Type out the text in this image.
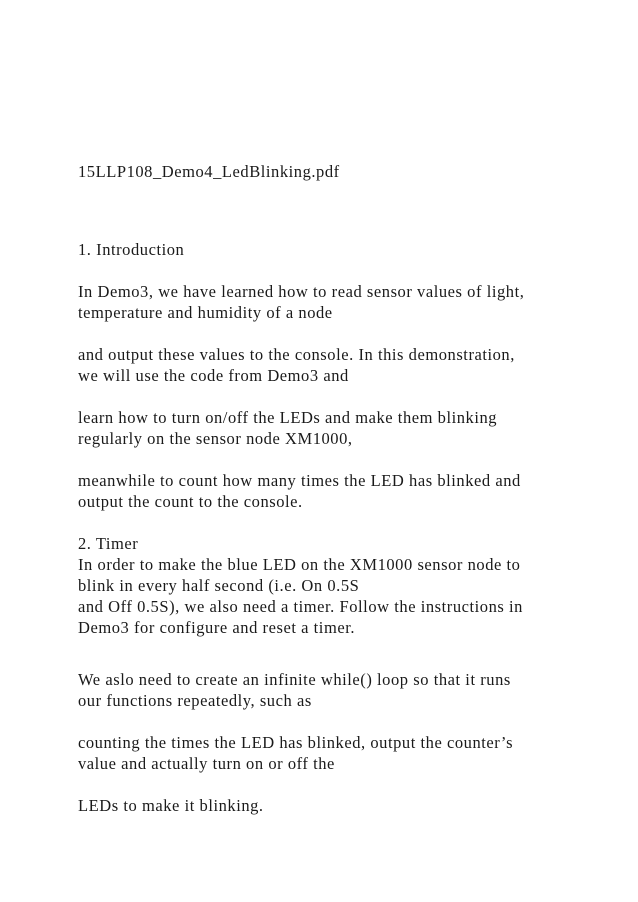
15LLP108_Demo4_LedBlinking.pdf

1. Introduction

In Demo3, we have learned how to read sensor values of light,

temperature and humidity of a node

and output these values to the console. In this demonstration,

we will use the code from Demo3 and

learn how to turn on/off the LEDs and make them blinking

regularly on the sensor node XM1000,

meanwhile to count how many times the LED has blinked and

output the count to the console.

2. Timer

In order to make the blue LED on the XM1000 sensor node to

blink in every half second (i.e. On 0.5S

and Off 0.5S), we also need a timer. Follow the instructions in

Demo3 for configure and reset a timer.

We aslo need to create an infinite while() loop so that it runs

our functions repeatedly, such as

counting the times the LED has blinked, output the counter’s

value and actually turn on or off the

LEDs to make it blinking.
